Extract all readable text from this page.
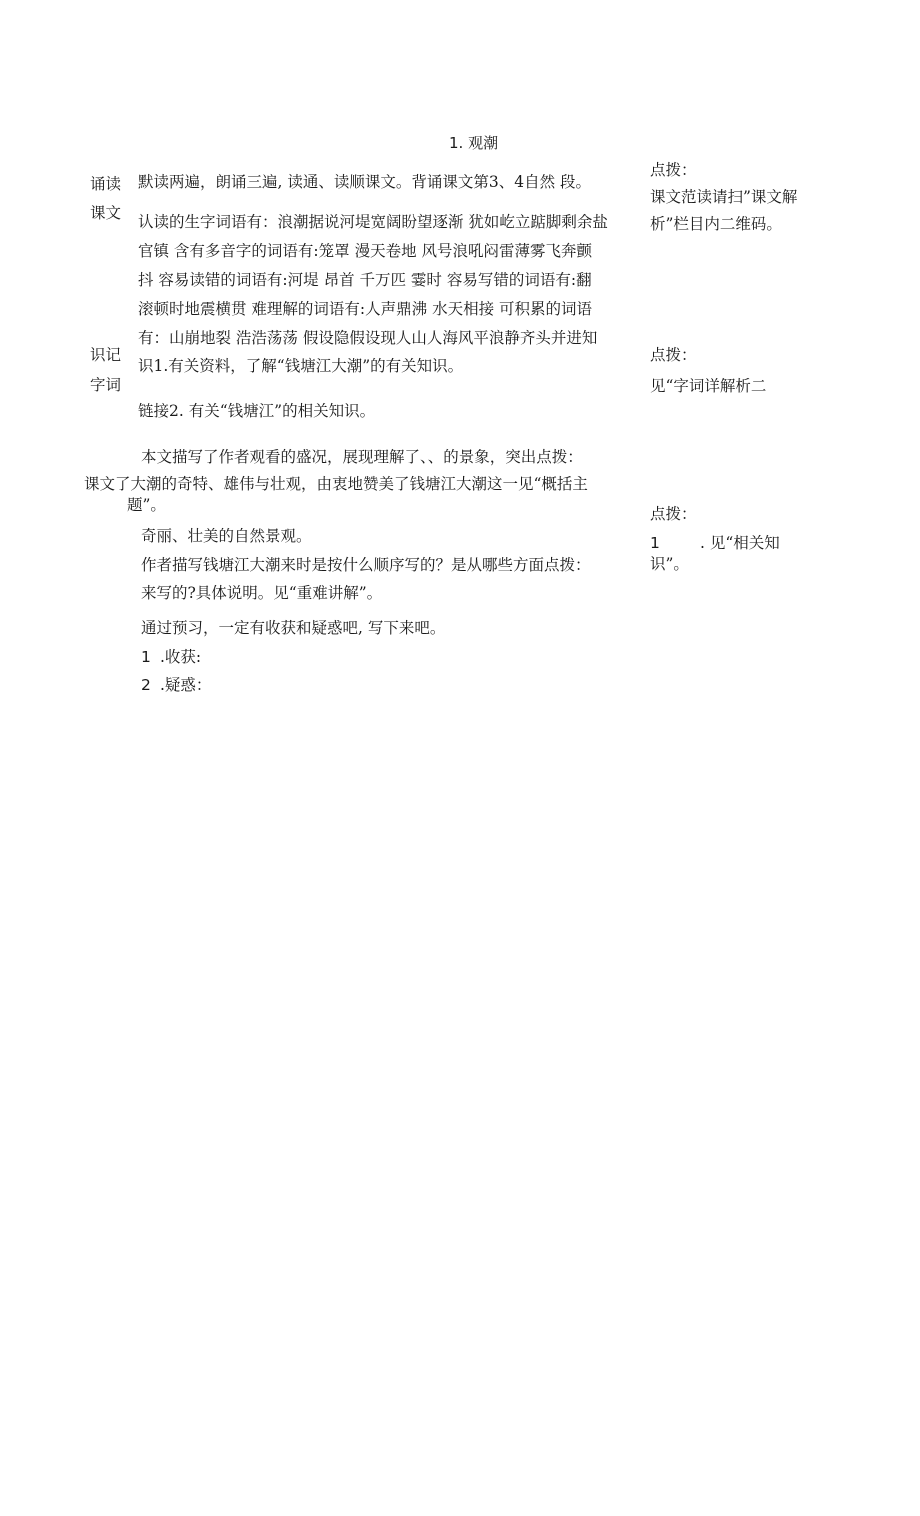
1. 观潮
诵读
课文
识记
字词
默读两遍，朗诵三遍, 读通、读顺课文。背诵课文第3、4自然 段。
认读的生字词语有：浪潮据说河堤宽阔盼望逐渐 犹如屹立踮脚剩余盐
官镇 含有多音字的词语有:笼罩 漫天卷地 风号浪吼闷雷薄雾飞奔颤
抖 容易读错的词语有:河堤 昂首 千万匹 霎时 容易写错的词语有:翻
滚顿时地震横贯 难理解的词语有:人声鼎沸 水天相接 可积累的词语
有：山崩地裂 浩浩荡荡 假设隐假设现人山人海风平浪静齐头并进知
识1.有关资料，了解“钱塘江大潮”的有关知识。
链接2. 有关“钱塘江”的相关知识。
本文描写了作者观看的盛况，展现理解了、、的景象，突出点拨：
课文了大潮的奇特、雄伟与壮观，由衷地赞美了钱塘江大潮这一见“概括主
题”。
奇丽、壮美的自然景观。
作者描写钱塘江大潮来时是按什么顺序写的？是从哪些方面点拨：
来写的?具体说明。见“重难讲解”。
通过预习，一定有收获和疑惑吧, 写下来吧。
1 .收获:
2 .疑惑：
点拨：
课文范读请扫”课文解
析”栏目内二维码。
点拨：
见“字词详解析二
点拨：
1	. 见“相关知
识”。
